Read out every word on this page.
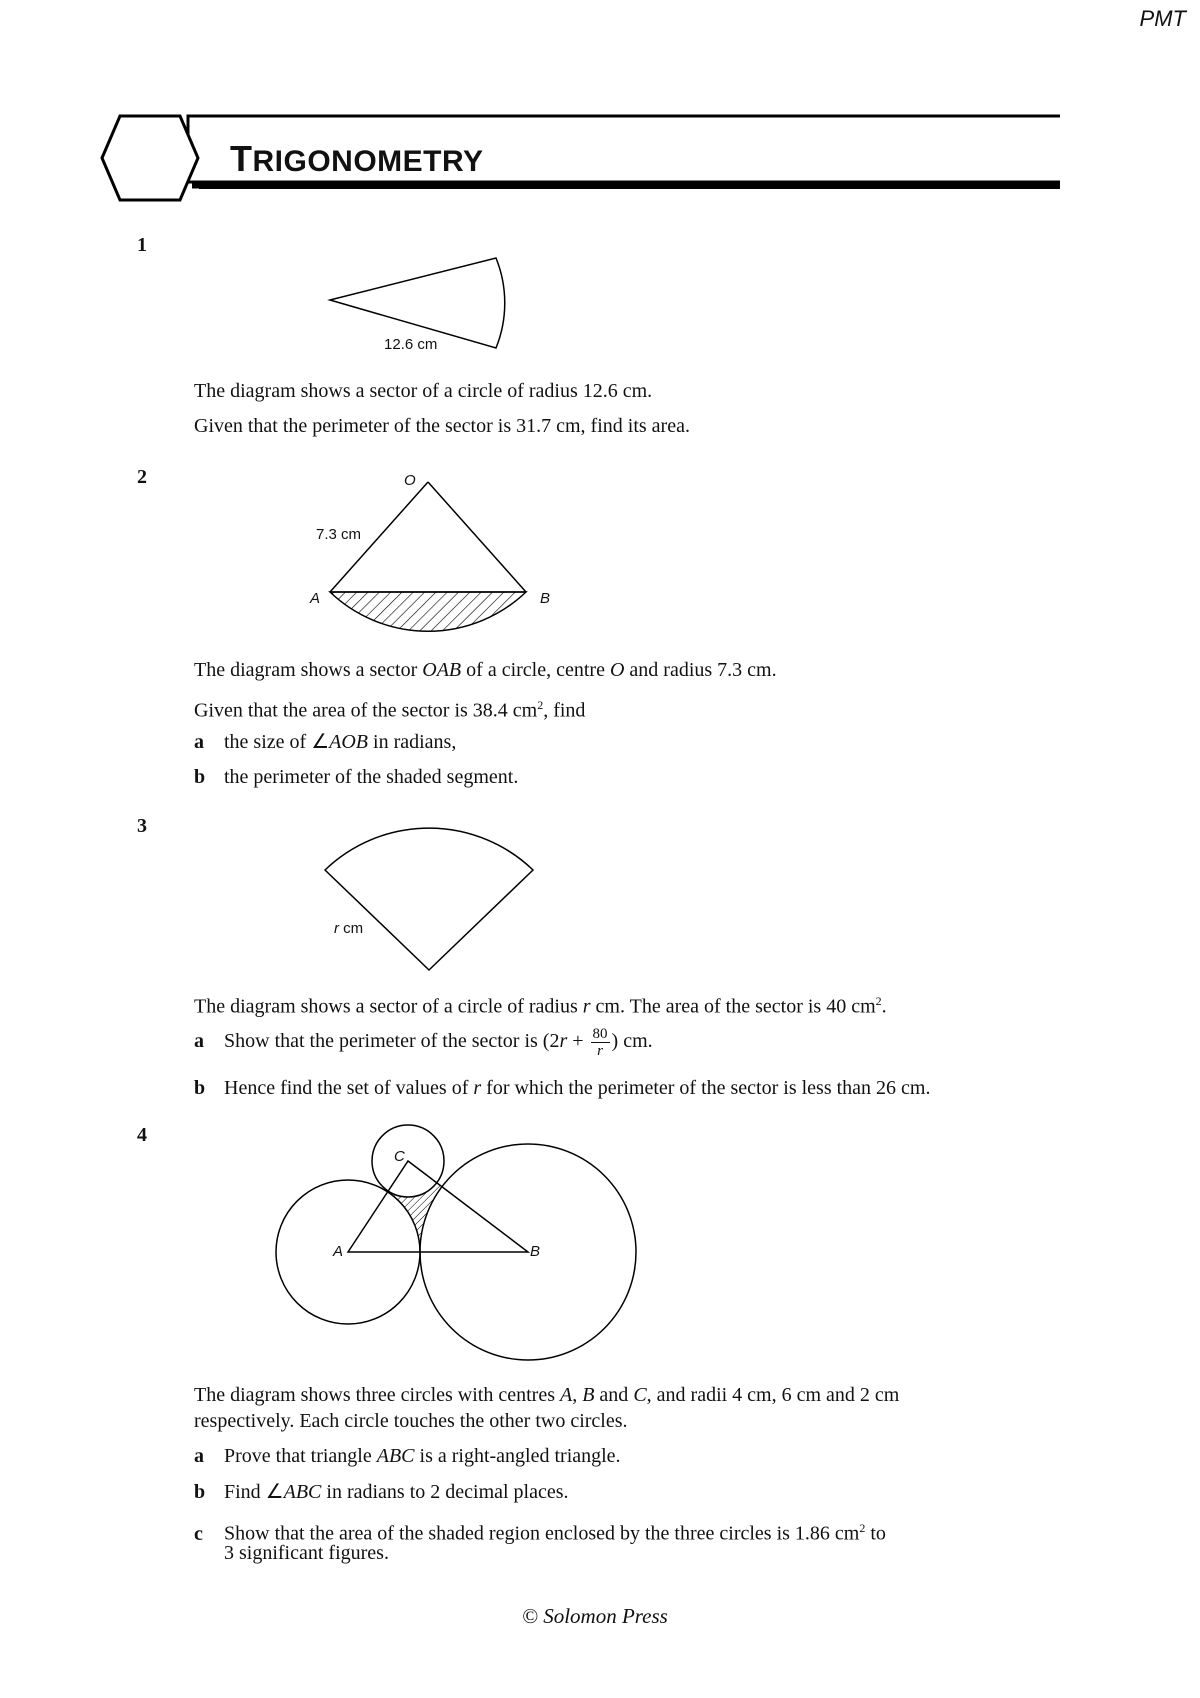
PMT
TRIGONOMETRY
1
12.6 cm
The diagram shows a sector of a circle of radius 12.6 cm.
Given that the perimeter of the sector is 31.7 cm, find its area.
2	O
7.3 cm
A	B
The diagram shows a sector OAB of a circle, centre O and radius 7.3 cm.
Given that the area of the sector is 38.4 $cm^2$, find
a the size of ∠AOB in radians,
b the perimeter of the shaded segment.
3
r cm
The diagram shows a sector of a circle of radius r cm. The area of the sector is 40 $cm^2$.
a Show that the perimeter of the sector is ($2r + \frac{80}{r}$ ) cm.
b Hence find the set of values of r for which the perimeter of the sector is less than 26 cm.
4
C
A	B
The diagram shows three circles with centres A, B and C, and radii 4 cm, 6 cm and 2 cm
respectively. Each circle touches the other two circles.
a Prove that triangle ABC is a right-angled triangle.
b Find ∠ABC in radians to 2 decimal places.
c Show that the area of the shaded region enclosed by the three circles is 1.86 $cm^2$ to
3 significant figures.
© Solomon Press
